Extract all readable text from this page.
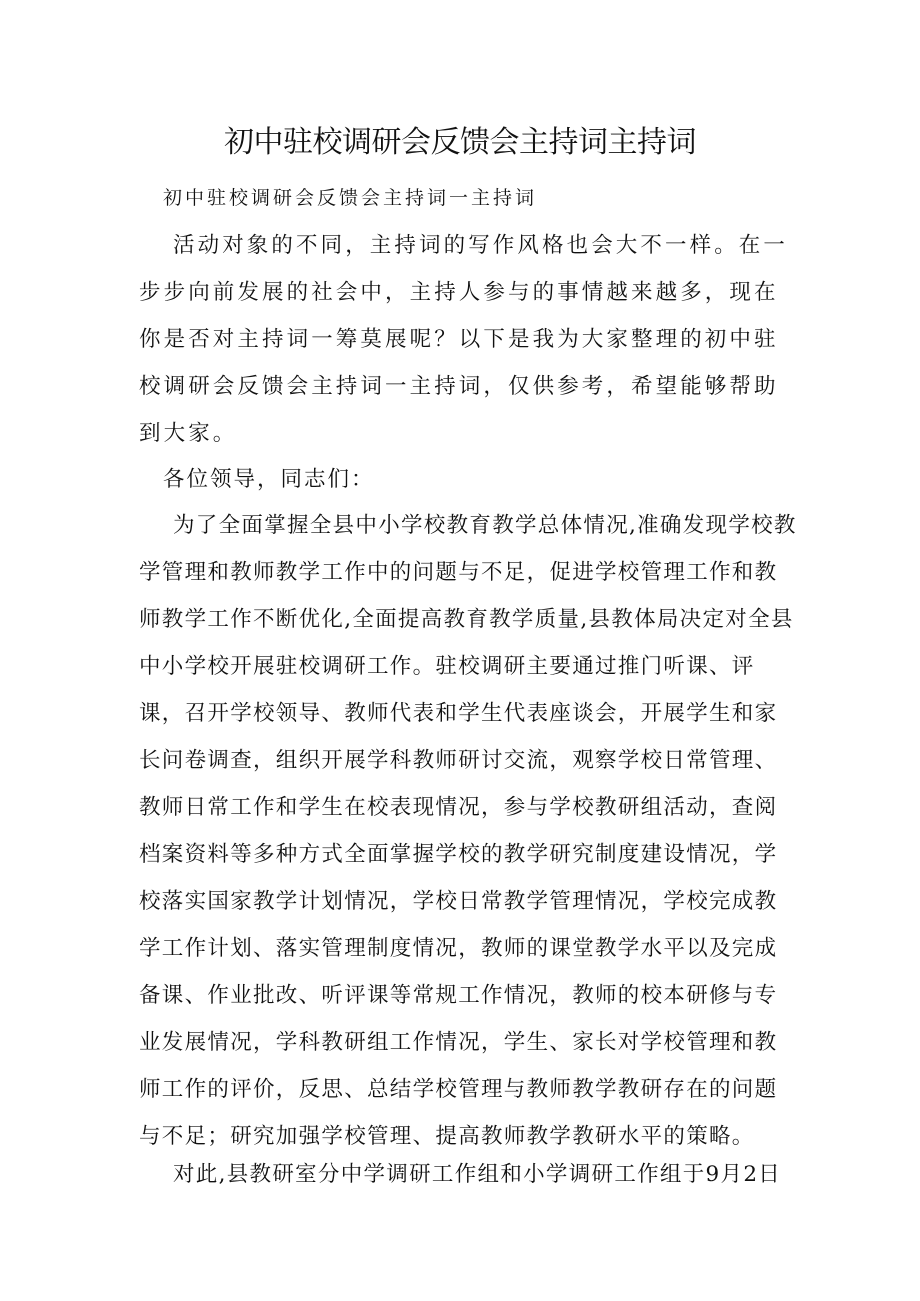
初中驻校调研会反馈会主持词主持词
初中驻校调研会反馈会主持词一主持词

活动对象的不同，主持词的写作风格也会大不一样。在一步步向前发展的社会中，主持人参与的事情越来越多，现在你是否对主持词一筹莫展呢？以下是我为大家整理的初中驻校调研会反馈会主持词一主持词，仅供参考，希望能够帮助到大家。

各位领导，同志们：

为了全面掌握全县中小学校教育教学总体情况,准确发现学校教学管理和教师教学工作中的问题与不足，促进学校管理工作和教师教学工作不断优化,全面提高教育教学质量,县教体局决定对全县中小学校开展驻校调研工作。驻校调研主要通过推门听课、评课，召开学校领导、教师代表和学生代表座谈会，开展学生和家长问卷调查，组织开展学科教师研讨交流，观察学校日常管理、教师日常工作和学生在校表现情况，参与学校教研组活动，查阅档案资料等多种方式全面掌握学校的教学研究制度建设情况，学校落实国家教学计划情况，学校日常教学管理情况，学校完成教学工作计划、落实管理制度情况，教师的课堂教学水平以及完成备课、作业批改、听评课等常规工作情况，教师的校本研修与专业发展情况，学科教研组工作情况，学生、家长对学校管理和教师工作的评价，反思、总结学校管理与教师教学教研存在的问题与不足；研究加强学校管理、提高教师教学教研水平的策略。

对此,县教研室分中学调研工作组和小学调研工作组于9月2日
